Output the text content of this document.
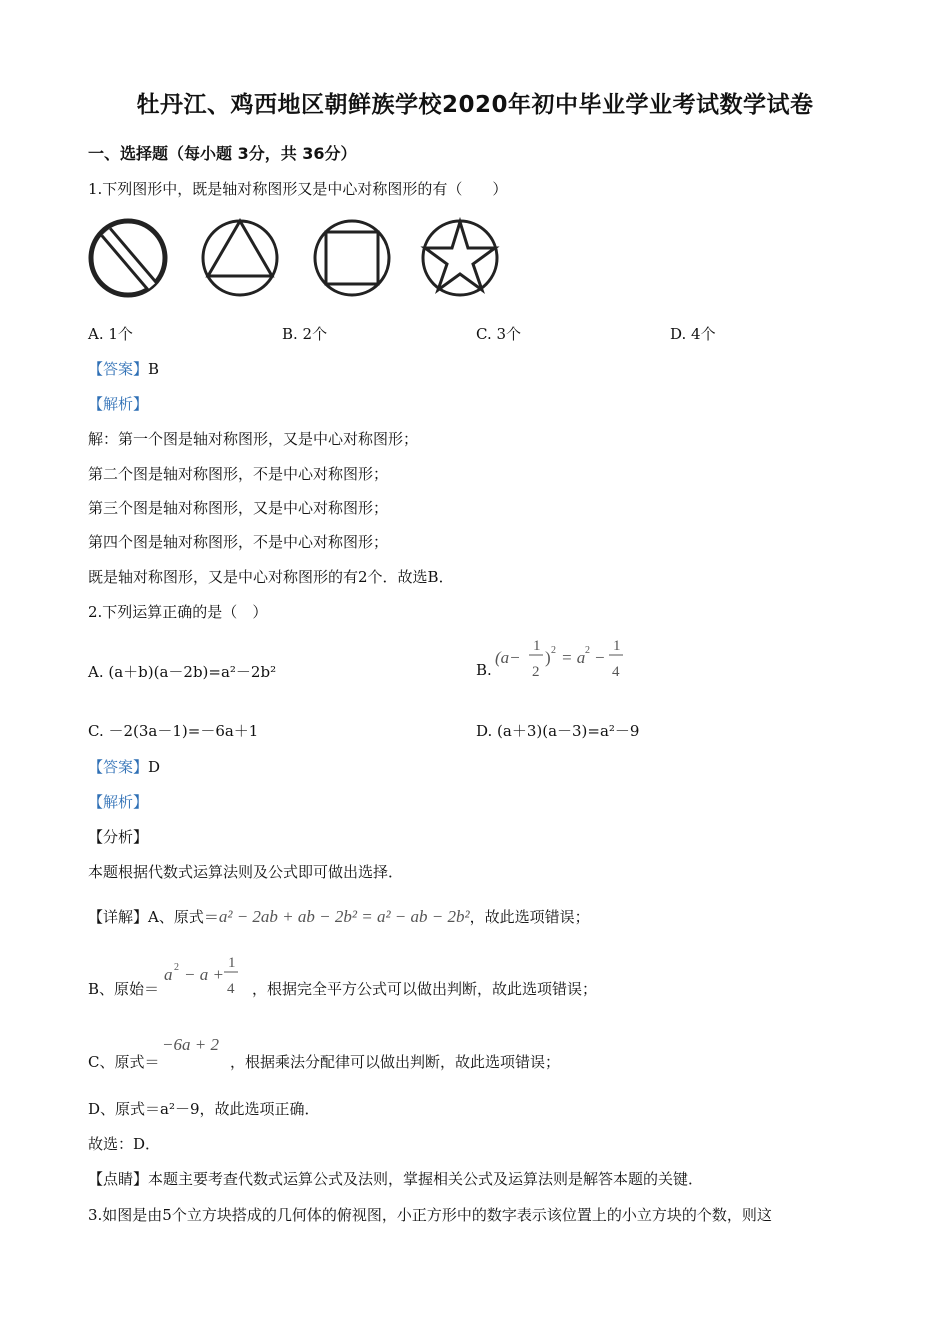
牡丹江、鸡西地区朝鲜族学校2020年初中毕业学业考试数学试卷
一、选择题（每小题 3分，共 36分）
1.下列图形中，既是轴对称图形又是中心对称图形的有（　　）
A. 1个	B. 2个	C. 3个	D. 4个
【答案】B
【解析】
解：第一个图是轴对称图形，又是中心对称图形；
第二个图是轴对称图形，不是中心对称图形；
第三个图是轴对称图形，又是中心对称图形；
第四个图是轴对称图形，不是中心对称图形；
既是轴对称图形，又是中心对称图形的有2个．故选B．
2.下列运算正确的是（　）
A. (a＋b)(a－2b)=a²－2b²	B.
(a−
1
2
) 2 = a 2 −
1
4
C. －2(3a－1)=－6a＋1	D. (a＋3)(a－3)=a²－9
【答案】D
【解析】
【分析】
本题根据代数式运算法则及公式即可做出选择．
【详解】A、原式＝a² − 2ab + ab − 2b² = a² − ab − 2b²，故此选项错误；
B、原始＝
a 2 − a +
1
4 ，根据完全平方公式可以做出判断，故此选项错误；
C、原式＝
−6a + 2
，根据乘法分配律可以做出判断，故此选项错误；
D、原式＝a²－9，故此选项正确．
故选：D．
【点睛】本题主要考查代数式运算公式及法则，掌握相关公式及运算法则是解答本题的关键．
3.如图是由5个立方块搭成的几何体的俯视图，小正方形中的数字表示该位置上的小立方块的个数，则这
